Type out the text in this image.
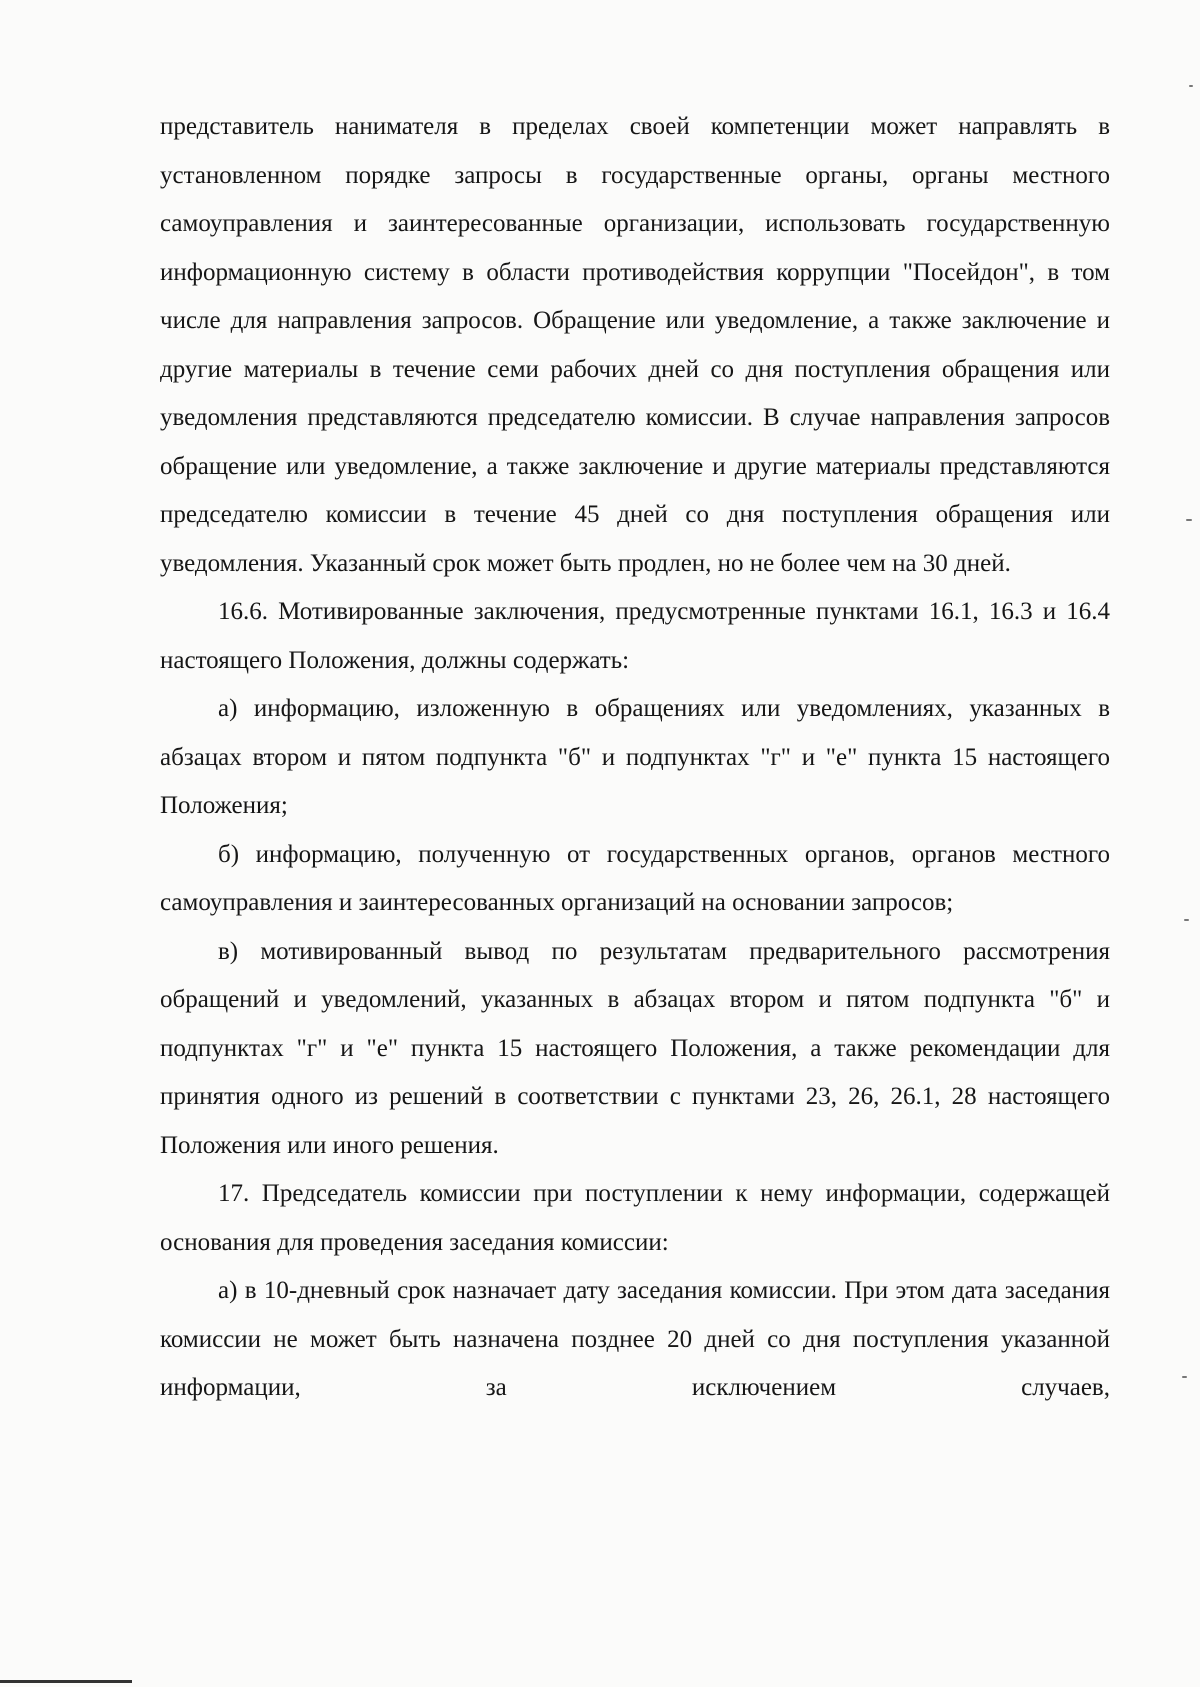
представитель нанимателя в пределах своей компетенции может направлять в установленном порядке запросы в государственные органы, органы местного самоуправления и заинтересованные организации, использовать государственную информационную систему в области противодействия коррупции "Посейдон", в том числе для направления запросов. Обращение или уведомление, а также заключение и другие материалы в течение семи рабочих дней со дня поступления обращения или уведомления представляются председателю комиссии. В случае направления запросов обращение или уведомление, а также заключение и другие материалы представляются председателю комиссии в течение 45 дней со дня поступления обращения или уведомления. Указанный срок может быть продлен, но не более чем на 30 дней.

16.6. Мотивированные заключения, предусмотренные пунктами 16.1, 16.3 и 16.4 настоящего Положения, должны содержать:

а) информацию, изложенную в обращениях или уведомлениях, указанных в абзацах втором и пятом подпункта "б" и подпунктах "г" и "е" пункта 15 настоящего Положения;

б) информацию, полученную от государственных органов, органов местного самоуправления и заинтересованных организаций на основании запросов;

в) мотивированный вывод по результатам предварительного рассмотрения обращений и уведомлений, указанных в абзацах втором и пятом подпункта "б" и подпунктах "г" и "е" пункта 15 настоящего Положения, а также рекомендации для принятия одного из решений в соответствии с пунктами 23, 26, 26.1, 28 настоящего Положения или иного решения.

17. Председатель комиссии при поступлении к нему информации, содержащей основания для проведения заседания комиссии:

а) в 10-дневный срок назначает дату заседания комиссии. При этом дата заседания комиссии не может быть назначена позднее 20 дней со дня поступления указанной информации, за исключением случаев,
